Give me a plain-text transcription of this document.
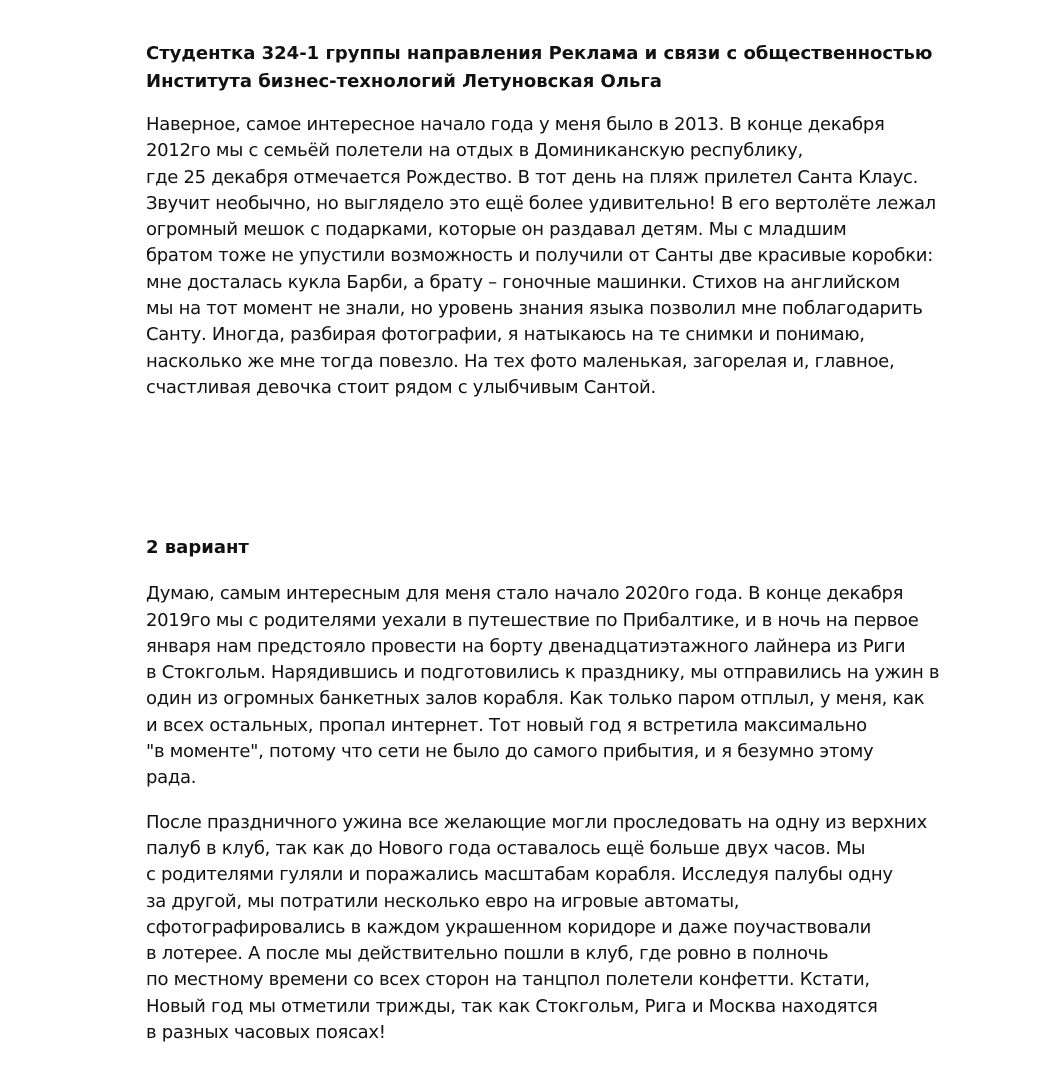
Студентка 324-1 группы направления Реклама и связи с общественностью
Института бизнес-технологий Летуновская Ольга

Наверное, самое интересное начало года у меня было в 2013. В конце декабря
2012го мы с семьёй полетели на отдых в Доминиканскую республику,
где 25 декабря отмечается Рождество. В тот день на пляж прилетел Санта Клаус.
Звучит необычно, но выглядело это ещё более удивительно! В его вертолёте лежал
огромный мешок с подарками, которые он раздавал детям. Мы с младшим
братом тоже не упустили возможность и получили от Санты две красивые коробки:
мне досталась кукла Барби, а брату – гоночные машинки. Стихов на английском
мы на тот момент не знали, но уровень знания языка позволил мне поблагодарить
Санту. Иногда, разбирая фотографии, я натыкаюсь на те снимки и понимаю,
насколько же мне тогда повезло. На тех фото маленькая, загорелая и, главное,
счастливая девочка стоит рядом с улыбчивым Сантой.

2 вариант

Думаю, самым интересным для меня стало начало 2020го года. В конце декабря
2019го мы с родителями уехали в путешествие по Прибалтике, и в ночь на первое
января нам предстояло провести на борту двенадцатиэтажного лайнера из Риги
в Стокгольм. Нарядившись и подготовились к празднику, мы отправились на ужин в
один из огромных банкетных залов корабля. Как только паром отплыл, у меня, как
и всех остальных, пропал интернет. Тот новый год я встретила максимально
"в моменте", потому что сети не было до самого прибытия, и я безумно этому
рада.

После праздничного ужина все желающие могли проследовать на одну из верхних
палуб в клуб, так как до Нового года оставалось ещё больше двух часов. Мы
с родителями гуляли и поражались масштабам корабля. Исследуя палубы одну
за другой, мы потратили несколько евро на игровые автоматы,
сфотографировались в каждом украшенном коридоре и даже поучаствовали
в лотерее. А после мы действительно пошли в клуб, где ровно в полночь
по местному времени со всех сторон на танцпол полетели конфетти. Кстати,
Новый год мы отметили трижды, так как Стокгольм, Рига и Москва находятся
в разных часовых поясах!
